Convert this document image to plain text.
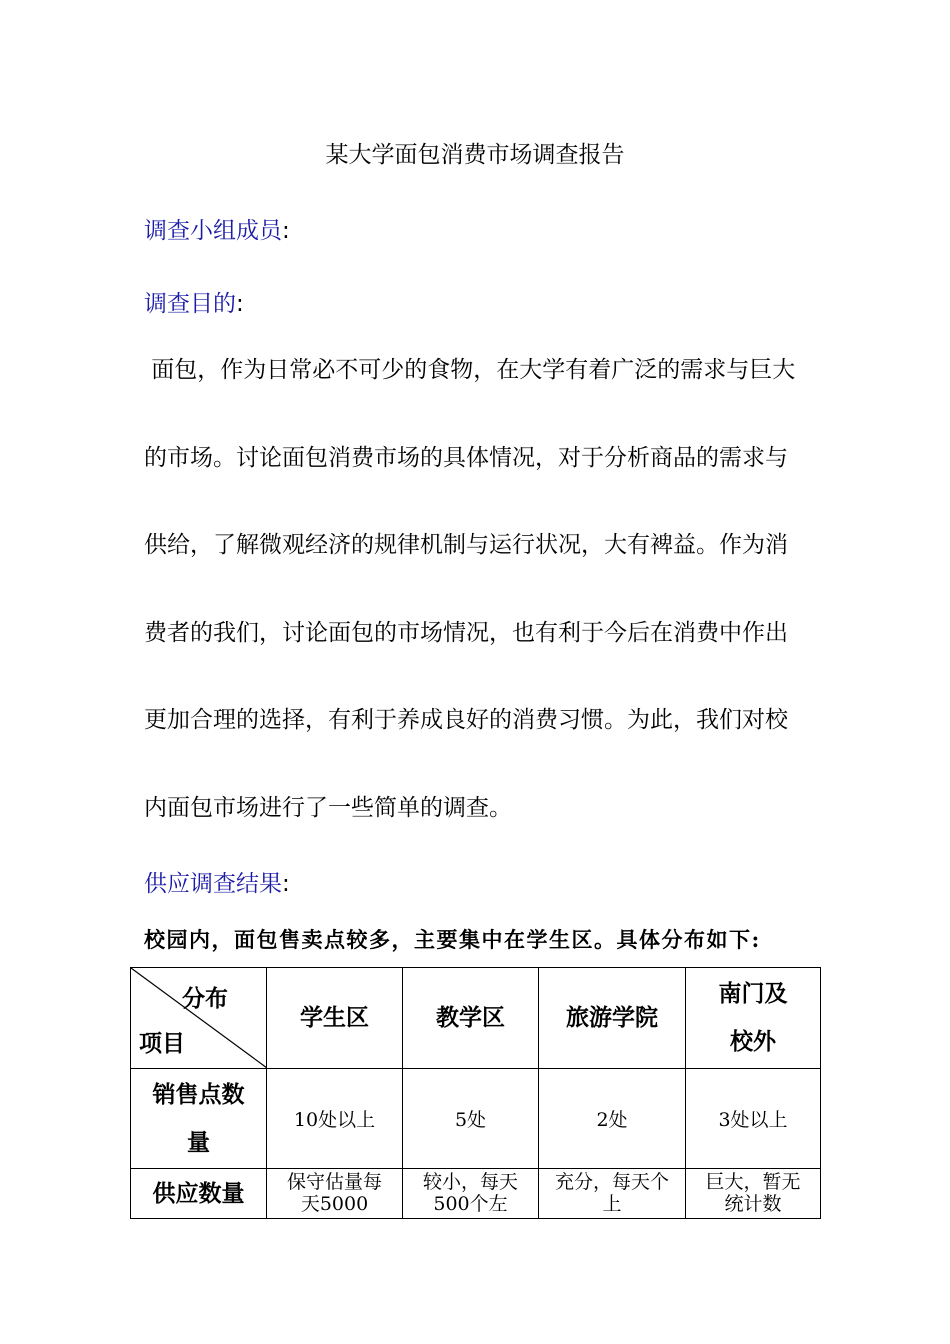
某大学面包消费市场调查报告
调查小组成员:
调查目的:

面包，作为日常必不可少的食物，在大学有着广泛的需求与巨大

的市场。讨论面包消费市场的具体情况，对于分析商品的需求与

供给，了解微观经济的规律机制与运行状况，大有裨益。作为消

费者的我们，讨论面包的市场情况，也有利于今后在消费中作出

更加合理的选择，有利于养成良好的消费习惯。为此，我们对校

内面包市场进行了一些简单的调查。

供应调查结果:
校园内，面包售卖点较多，主要集中在学生区。具体分布如下:
分布
项目	学生区	教学区	旅游学院	南门及校外
销售点数量	10处以上	5处	2处	3处以上
供应数量	保守估量每天5000	较小，每天500个左	充分，每天个上	巨大，暂无统计数
